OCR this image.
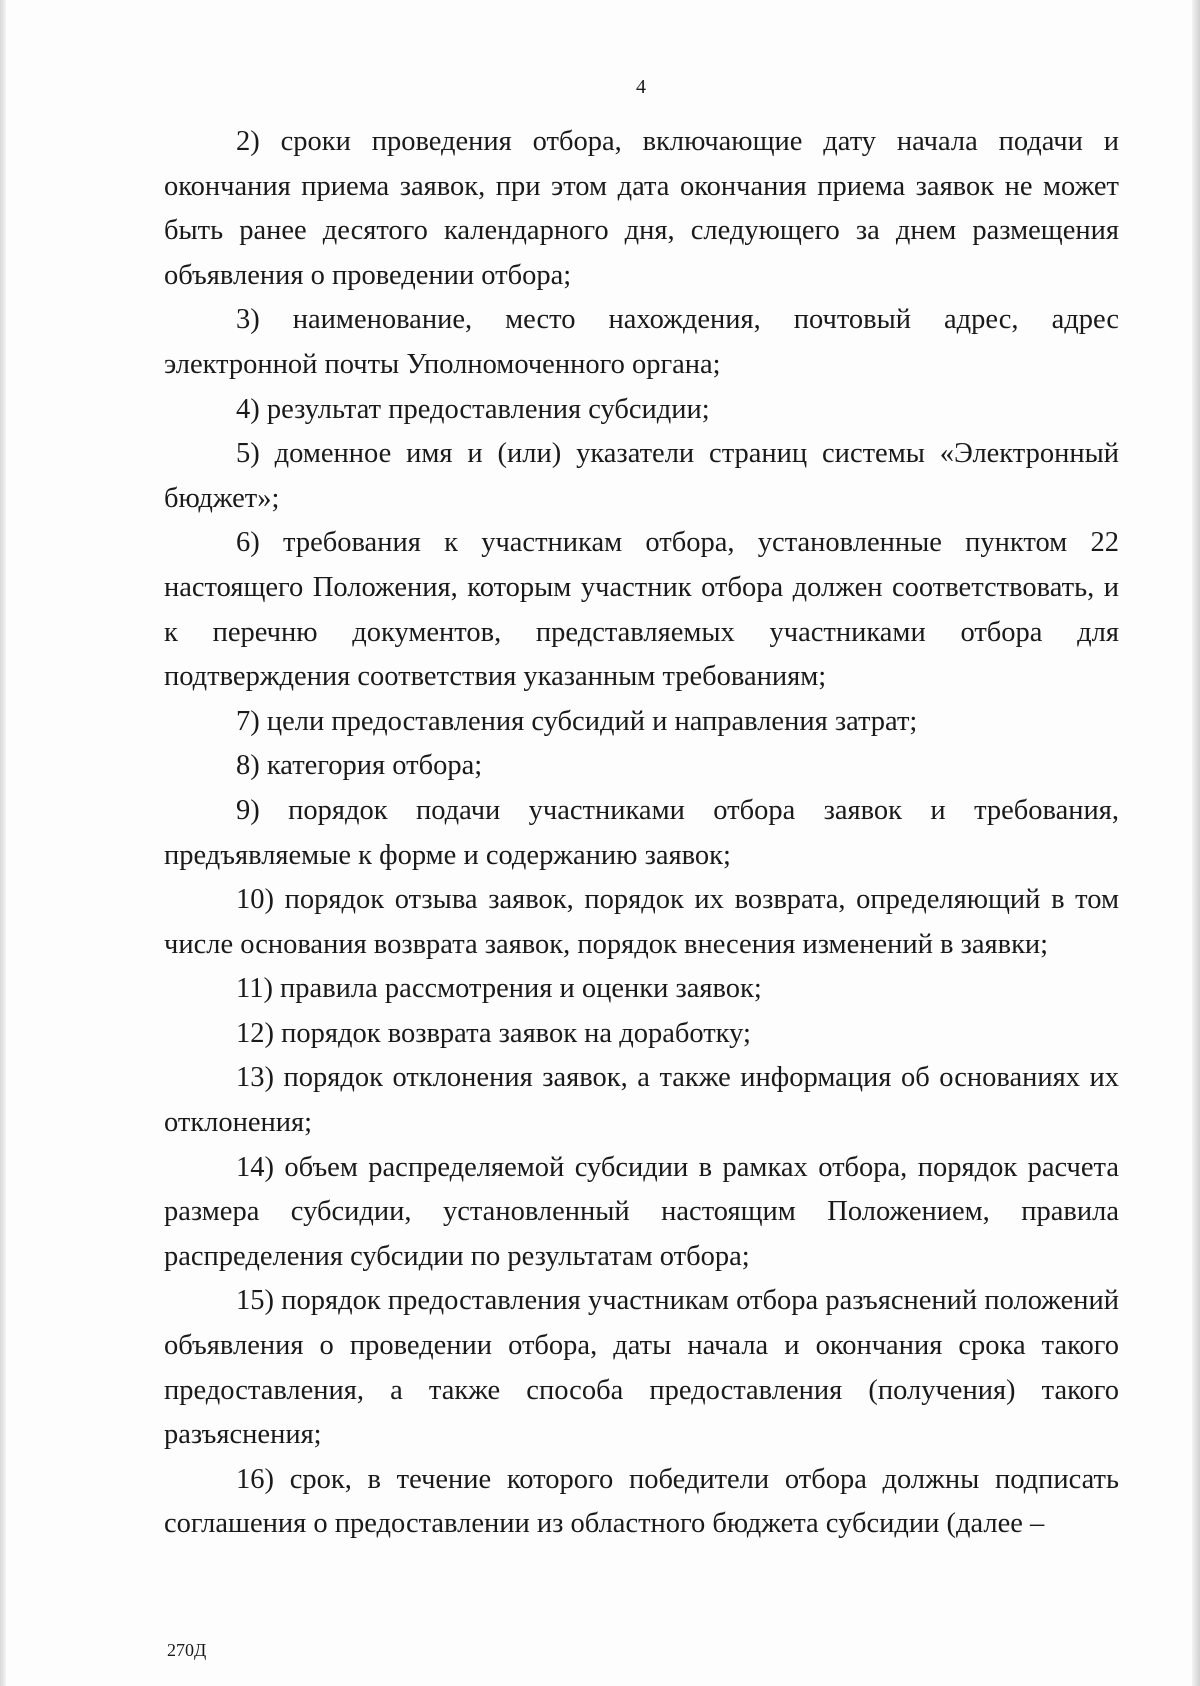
4

2) сроки проведения отбора, включающие дату начала подачи и окончания приема заявок, при этом дата окончания приема заявок не может быть ранее десятого календарного дня, следующего за днем размещения объявления о проведении отбора;

3) наименование, место нахождения, почтовый адрес, адрес электронной почты Уполномоченного органа;

4) результат предоставления субсидии;

5) доменное имя и (или) указатели страниц системы «Электронный бюджет»;

6) требования к участникам отбора, установленные пунктом 22 настоящего Положения, которым участник отбора должен соответствовать, и к перечню документов, представляемых участниками отбора для подтверждения соответствия указанным требованиям;

7) цели предоставления субсидий и направления затрат;

8) категория отбора;

9) порядок подачи участниками отбора заявок и требования, предъявляемые к форме и содержанию заявок;

10) порядок отзыва заявок, порядок их возврата, определяющий в том числе основания возврата заявок, порядок внесения изменений в заявки;

11) правила рассмотрения и оценки заявок;

12) порядок возврата заявок на доработку;

13) порядок отклонения заявок, а также информация об основаниях их отклонения;

14) объем распределяемой субсидии в рамках отбора, порядок расчета размера субсидии, установленный настоящим Положением, правила распределения субсидии по результатам отбора;

15) порядок предоставления участникам отбора разъяснений положений объявления о проведении отбора, даты начала и окончания срока такого предоставления, а также способа предоставления (получения) такого разъяснения;

16) срок, в течение которого победители отбора должны подписать соглашения о предоставлении из областного бюджета субсидии (далее –

270Д
